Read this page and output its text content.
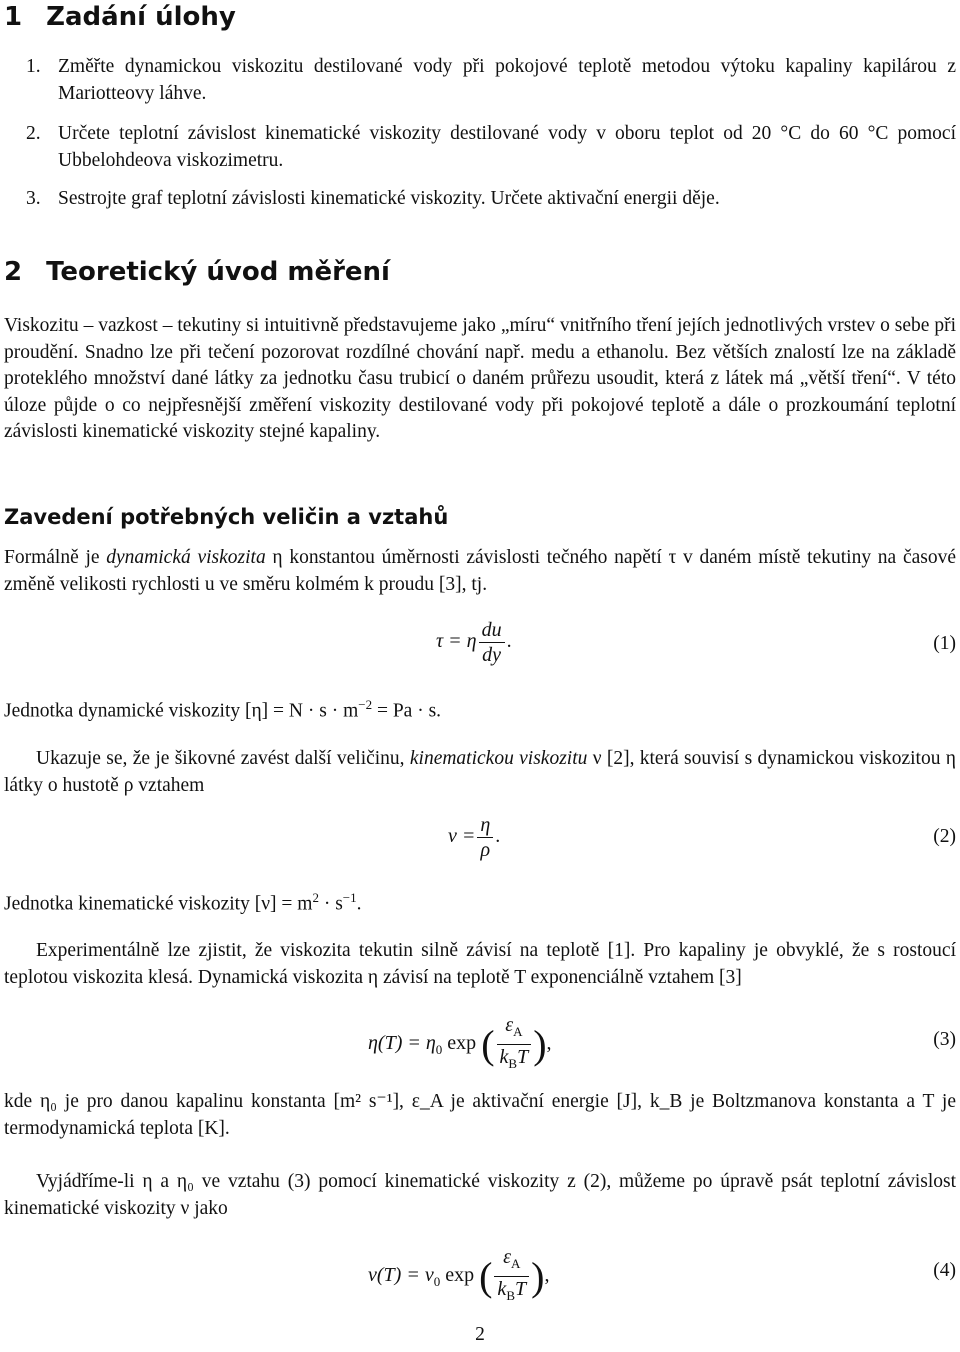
1 Zadání úlohy
1. Změřte dynamickou viskozitu destilované vody při pokojové teplotě metodou výtoku kapaliny kapilárou z Mariotteovy láhve.
2. Určete teplotní závislost kinematické viskozity destilované vody v oboru teplot od 20 °C do 60 °C pomocí Ubbelohdeova viskozimetru.
3. Sestrojte graf teplotní závislosti kinematické viskozity. Určete aktivační energii děje.
2 Teoretický úvod měření
Viskozitu – vazkost – tekutiny si intuitivně představujeme jako „míru“ vnitřního tření jejích jednotlivých vrstev o sebe při proudění. Snadno lze při tečení pozorovat rozdílné chování např. medu a ethanolu. Bez větších znalostí lze na základě proteklého množství dané látky za jednotku času trubicí o daném průřezu usoudit, která z látek má „větší tření“. V této úloze půjde o co nejpřesnější změření viskozity destilované vody při pokojové teplotě a dále o prozkoumání teplotní závislosti kinematické viskozity stejné kapaliny.
Zavedení potřebných veličin a vztahů
Formálně je dynamická viskozita η konstantou úměrnosti závislosti tečného napětí τ v daném místě tekutiny na časové změně velikosti rychlosti u ve směru kolmém k proudu [3], tj.
τ = η $\frac{du}{dy}$ .	(1)
Jednotka dynamické viskozity $[\eta] = N \cdot s \cdot m^{-2} = Pa \cdot s$.
Ukazuje se, že je šikovné zavést další veličinu, kinematickou viskozitu ν [2], která souvisí s dynamickou viskozitou η látky o hustotě ρ vztahem
$\nu = \frac{\eta}{\rho}$ .	(2)
Jednotka kinematické viskozity $[\nu] = m^2 \cdot s^{-1}$.
Experimentálně lze zjistit, že viskozita tekutin silně závisí na teplotě [1]. Pro kapaliny je obvyklé, že s rostoucí teplotou viskozita klesá. Dynamická viskozita η závisí na teplotě T exponenciálně vztahem [3]
$\eta(T) = \eta_0$ exp ( $\frac{\varepsilon_A}{k_BT}$ ),	(3)
kde η₀ je pro danou kapalinu konstanta [m² s⁻¹], ε_A je aktivační energie [J], k_B je Boltzmanova konstanta a T je termodynamická teplota [K].
Vyjádříme-li η a η₀ ve vztahu (3) pomocí kinematické viskozity z (2), můžeme po úpravě psát teplotní závislost kinematické viskozity ν jako
$\nu(T) = \nu_0$ exp ( $\frac{\varepsilon_A}{k_BT}$ ),	(4)
2
